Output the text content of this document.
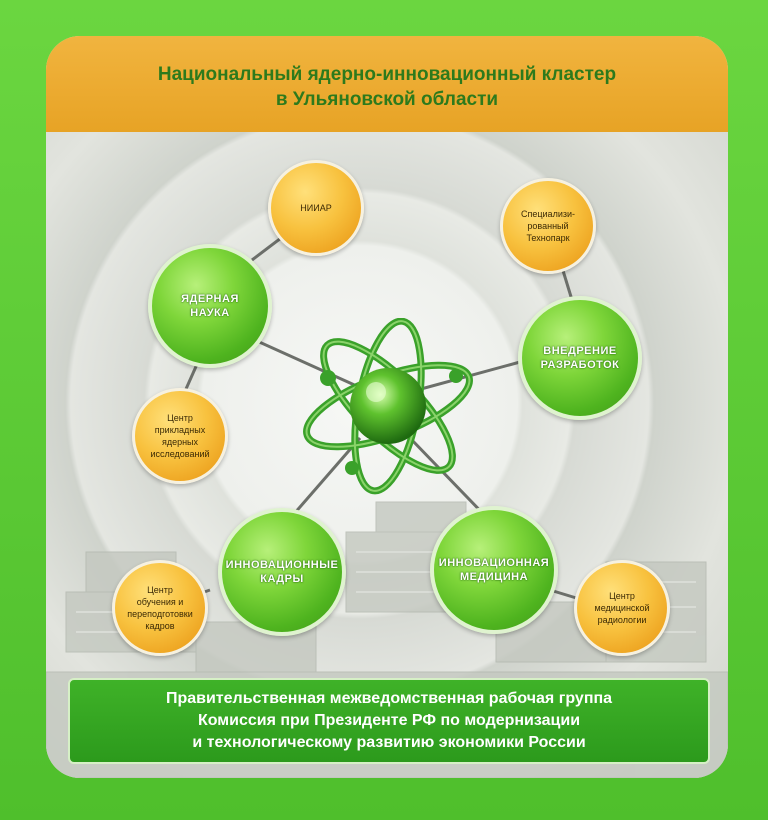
Национальный ядерно-инновационный кластер
в Ульяновской области
НИИАР
ЯДЕРНАЯ
НАУКА
Центр
прикладных
ядерных
исследований
Специализи-
рованный
Технопарк
ВНЕДРЕНИЕ
РАЗРАБОТОК
ИННОВАЦИОННЫЕ
КАДРЫ
ИННОВАЦИОННАЯ
МЕДИЦИНА
Центр
обучения и
переподготовки
кадров
Центр
медицинской
радиологии
Правительственная межведомственная рабочая группа
Комиссия при Президенте РФ по модернизации
и технологическому развитию экономики России
